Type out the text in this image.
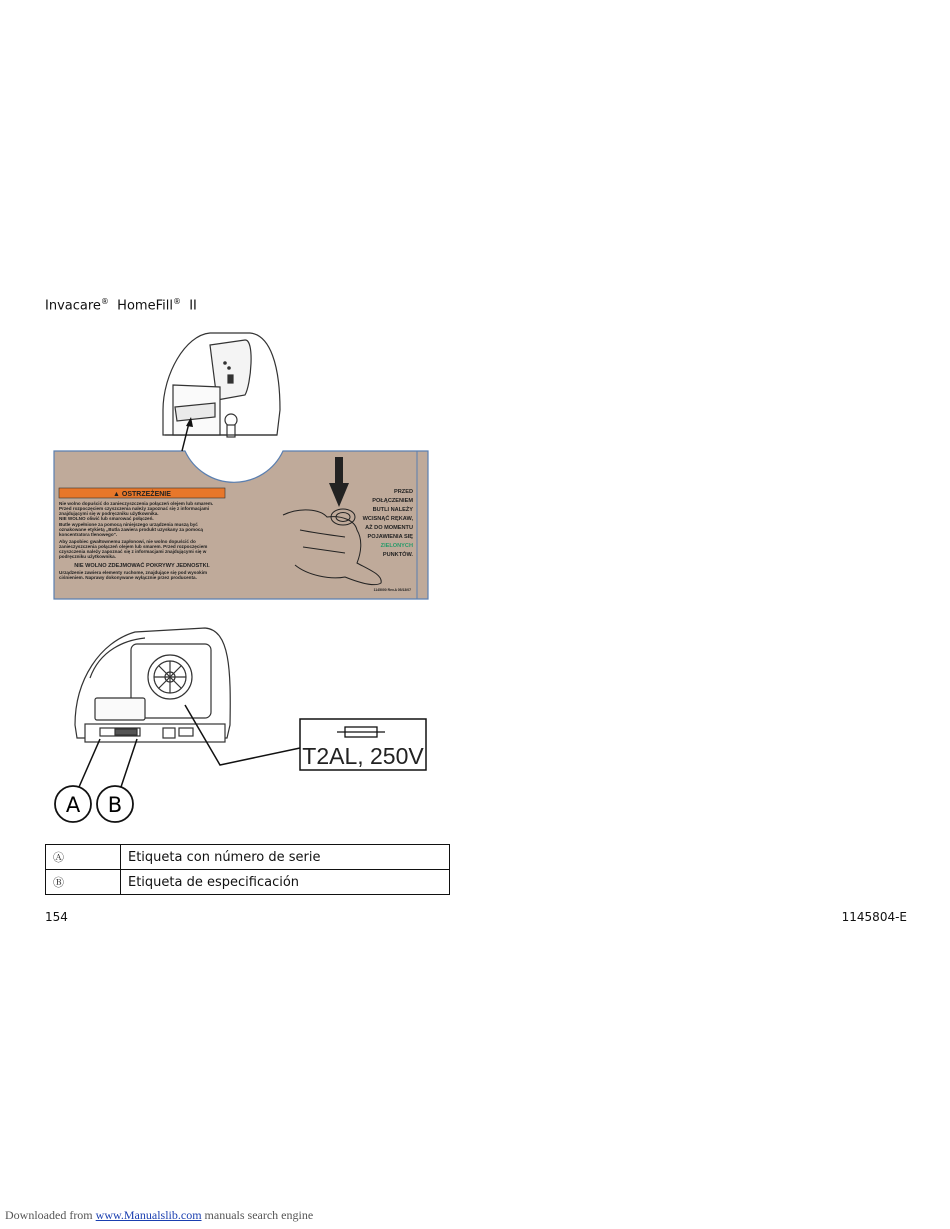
Invacare® HomeFill® II
▲ OSTRZEŻENIE
Nie wolno dopuścić do zanieczyszczenia połączeń olejem lub smarem.
Przed rozpoczęciem czyszczenia należy zapoznać się z informacjami
znajdującymi się w podręczniku użytkownika.
NIE WOLNO oliwić lub smarować połączeń.
Butle wypełnione za pomocą niniejszego urządzenia muszą być
oznakowane etykietą „Butla zawiera produkt uzyskany za pomocą
koncentratora tlenowego".
Aby zapobiec gwałtownemu zapłonowi, nie wolno dopuścić do
zanieczyszczenia połączeń olejem lub smarem. Przed rozpoczęciem
czyszczenia należy zapoznać się z informacjami znajdującymi się w
podręczniku użytkownika.
NIE WOLNO ZDEJMOWAĆ POKRYWY JEDNOSTKI.
Urządzenie zawiera elementy ruchome, znajdujące się pod wysokim
ciśnieniem. Naprawy dokonywane wyłącznie przez producenta.
PRZED
POŁĄCZENIEM
BUTLI NALEŻY
WCISNĄĆ RĘKAW,
AŻ DO MOMENTU
POJAWIENIA SIĘ
ZIELONYCH
PUNKTÓW.
1145000 Rev.A 05/13/07
T2AL, 250V
A B
Ⓐ	Etiqueta con número de serie
Ⓑ	Etiqueta de especificación
154	1145804-E
Downloaded from www.Manualslib.com manuals search engine
